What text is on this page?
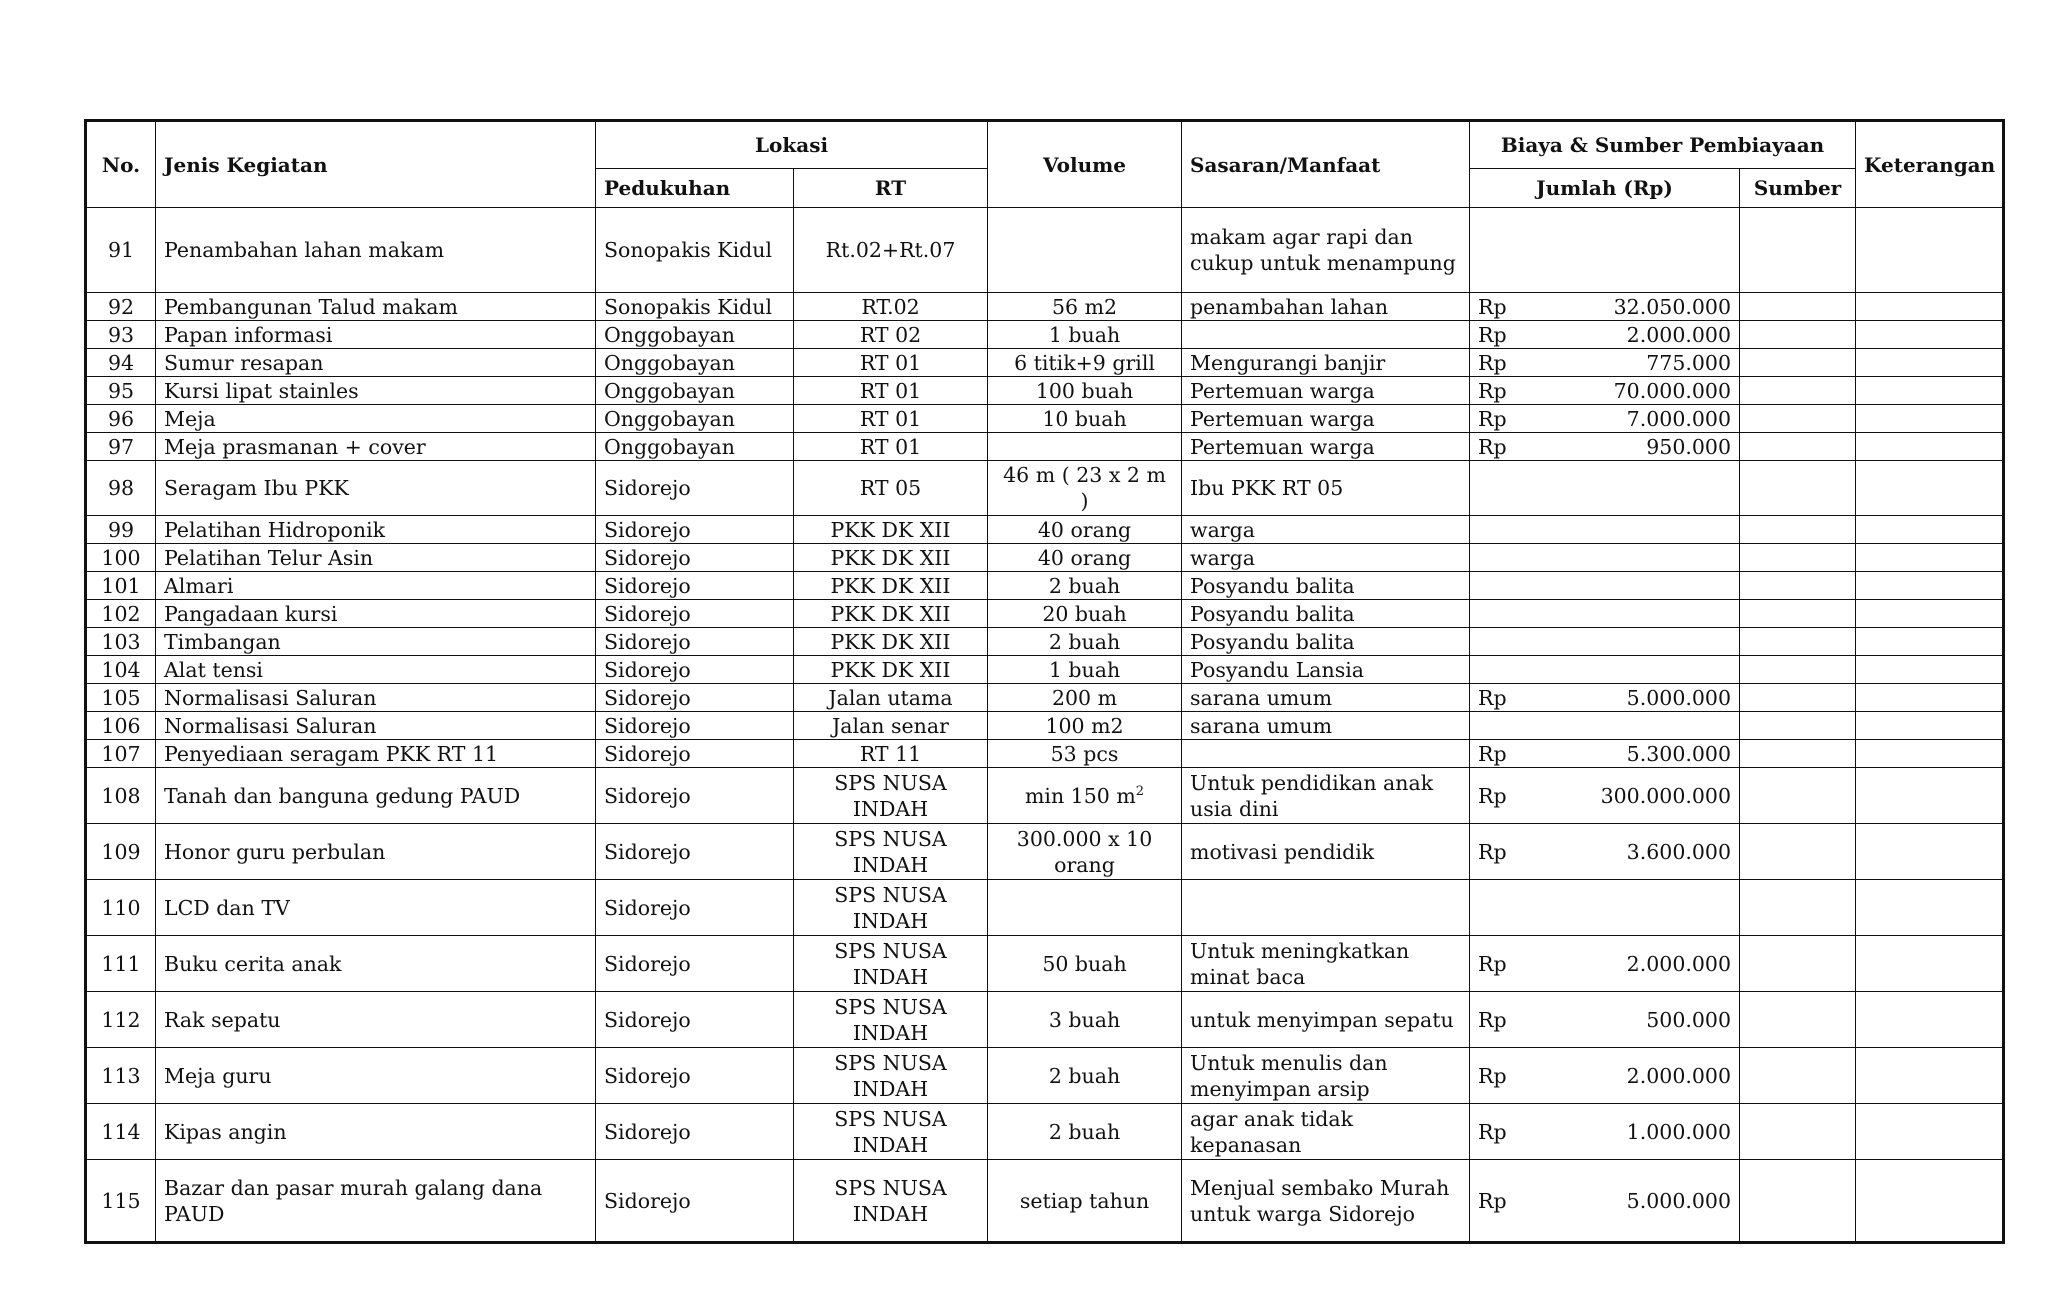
No.	Jenis Kegiatan	Lokasi		Volume	Sasaran/Manfaat	Biaya & Sumber Pembiayaan		Keterangan
		Pedukuhan	RT			Jumlah (Rp)	Sumber	
91	Penambahan lahan makam	Sonopakis Kidul	Rt.02+Rt.07		makam agar rapi dan cukup untuk menampung			
92	Pembangunan Talud makam	Sonopakis Kidul	RT.02	56 m2	penambahan lahan	Rp 32.050.000		

93	Papan informasi	Onggobayan	RT 02	1 buah		Rp 2.000.000		

94	Sumur resapan	Onggobayan	RT 01	6 titik+9 grill	Mengurangi banjir	Rp 775.000		

95	Kursi lipat stainles	Onggobayan	RT 01	100 buah	Pertemuan warga	Rp 70.000.000		

96	Meja	Onggobayan	RT 01	10 buah	Pertemuan warga	Rp 7.000.000		

97	Meja prasmanan + cover	Onggobayan	RT 01		Pertemuan warga	Rp 950.000		

98	Seragam Ibu PKK	Sidorejo	RT 05	46 m ( 23 x 2 m )	Ibu PKK RT 05			
99	Pelatihan Hidroponik	Sidorejo	PKK DK XII	40 orang	warga			
100	Pelatihan Telur Asin	Sidorejo	PKK DK XII	40 orang	warga			
101	Almari	Sidorejo	PKK DK XII	2 buah	Posyandu balita			
102	Pangadaan kursi	Sidorejo	PKK DK XII	20 buah	Posyandu balita			
103	Timbangan	Sidorejo	PKK DK XII	2 buah	Posyandu balita			
104	Alat tensi	Sidorejo	PKK DK XII	1 buah	Posyandu Lansia			
105	Normalisasi Saluran	Sidorejo	Jalan utama	200 m	sarana umum	Rp 5.000.000		

106	Normalisasi Saluran	Sidorejo	Jalan senar	100 m2	sarana umum			
107	Penyediaan seragam PKK RT 11	Sidorejo	RT 11	53 pcs		Rp 5.300.000		

108	Tanah dan banguna gedung PAUD	Sidorejo	SPS NUSA INDAH	min 150 $m^2$	Untuk pendidikan anak usia dini	Rp 300.000.000		

109	Honor guru perbulan	Sidorejo	SPS NUSA INDAH	300.000 x 10 orang	motivasi pendidik	Rp 3.600.000		

110	LCD dan TV	Sidorejo	SPS NUSA INDAH					
111	Buku cerita anak	Sidorejo	SPS NUSA INDAH	50 buah	Untuk meningkatkan minat baca	Rp 2.000.000		

112	Rak sepatu	Sidorejo	SPS NUSA INDAH	3 buah	untuk menyimpan sepatu	Rp 500.000		

113	Meja guru	Sidorejo	SPS NUSA INDAH	2 buah	Untuk menulis dan menyimpan arsip	Rp 2.000.000		

114	Kipas angin	Sidorejo	SPS NUSA INDAH	2 buah	agar anak tidak kepanasan	Rp 1.000.000		

115	Bazar dan pasar murah galang dana PAUD	Sidorejo	SPS NUSA INDAH	setiap tahun	Menjual sembako Murah untuk warga Sidorejo	Rp 5.000.000		
